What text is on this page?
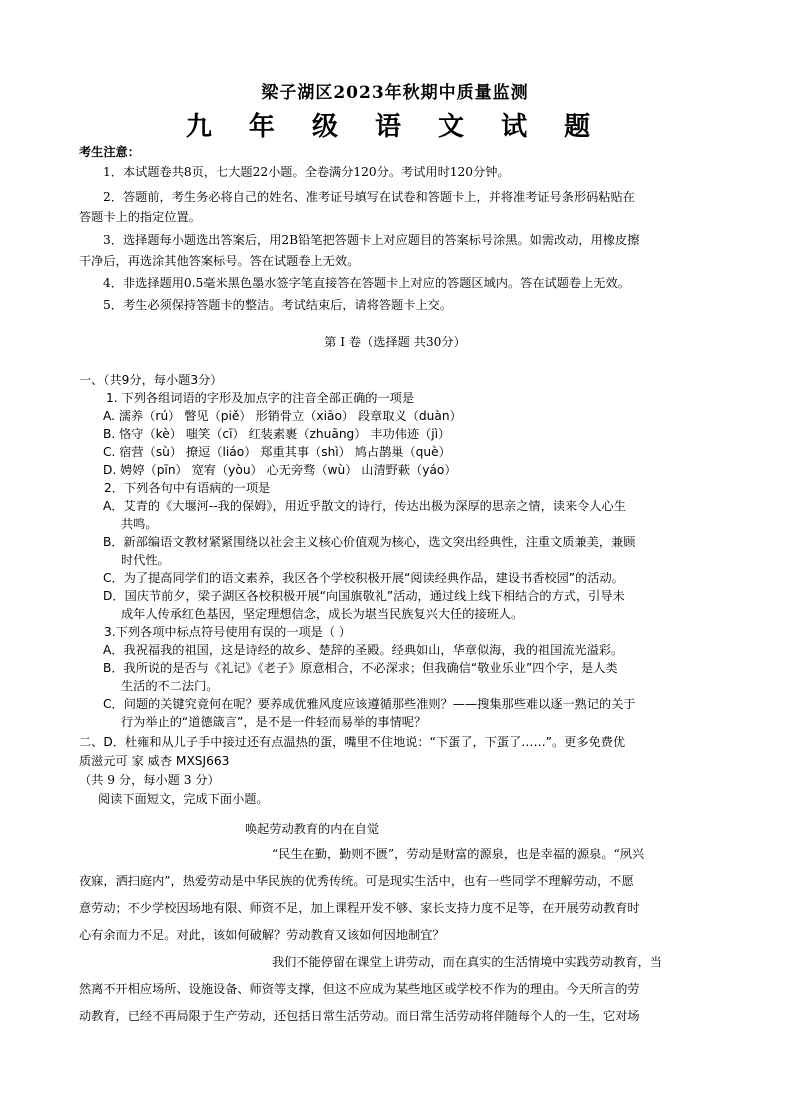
梁子湖区2023年秋期中质量监测
九 年 级 语 文 试 题
考生注意：
1．本试题卷共8页，七大题22小题。全卷满分120分。考试用时120分钟。
2．答题前，考生务必将自己的姓名、准考证号填写在试卷和答题卡上，并将准考证号条形码粘贴在
答题卡上的指定位置。
3．选择题每小题选出答案后，用2B铅笔把答题卡上对应题目的答案标号涂黑。如需改动，用橡皮擦
干净后，再选涂其他答案标号。答在试题卷上无效。
4．非选择题用0.5毫米黑色墨水签字笔直接答在答题卡上对应的答题区域内。答在试题卷上无效。
5．考生必须保持答题卡的整洁。考试结束后，请将答题卡上交。
第 I 卷（选择题 共30分）
一、（共9分，每小题3分）
1. 下列各组词语的字形及加点字的注音全部正确的一项是
A. 濡养（rú） 瞥见（piě） 形销骨立（xiāo） 段章取义（duàn）
B. 恪守（kè） 嗤笑（cī） 红装素裹（zhuāng） 丰功伟迹（jì）
C. 宿营（sù） 撩逗（liáo） 郑重其事（shì） 鸠占鹊巢（què）
D. 娉婷（pīn） 宽宥（yòu） 心无旁骛（wù） 山清野蔌（yáo）
2．下列各句中有语病的一项是
A．艾青的《大堰河--我的保姆》，用近乎散文的诗行，传达出极为深厚的思亲之情，读来令人心生
共鸣。
B．新部编语文教材紧紧围绕以社会主义核心价值观为核心，选文突出经典性，注重文质兼美，兼顾
时代性。
C．为了提高同学们的语文素养，我区各个学校积极开展“阅读经典作品，建设书香校园”的活动。
D．国庆节前夕，梁子湖区各校积极开展“向国旗敬礼”活动，通过线上线下相结合的方式，引导未
成年人传承红色基因，坚定理想信念，成长为堪当民族复兴大任的接班人。
3.下列各项中标点符号使用有误的一项是（ ）
A．我祝福我的祖国，这是诗经的故乡、楚辞的圣殿。经典如山，华章似海，我的祖国流光溢彩。
B．我所说的是否与《礼记》《老子》原意相合，不必深求；但我确信“敬业乐业”四个字，是人类
生活的不二法门。
C．问题的关键究竟何在呢？要养成优雅风度应该遵循那些准则？——搜集那些难以逐一熟记的关于
行为举止的“道德箴言”，是不是一件轻而易举的事情呢？
二、D．杜雍和从儿子手中接过还有点温热的蛋，嘴里不住地说：“下蛋了，下蛋了……”。更多免费优
质滋元可 家 威杏 MXSJ663
（共 9 分，每小题 3 分）
阅读下面短文，完成下面小题。
唤起劳动教育的内在自觉
“民生在勤，勤则不匮”，劳动是财富的源泉，也是幸福的源泉。“夙兴
夜寐，洒扫庭内”，热爱劳动是中华民族的优秀传统。可是现实生活中，也有一些同学不理解劳动，不愿
意劳动；不少学校因场地有限、师资不足，加上课程开发不够、家长支持力度不足等，在开展劳动教育时
心有余而力不足。对此，该如何破解？劳动教育又该如何因地制宜？
我们不能停留在课堂上讲劳动，而在真实的生活情境中实践劳动教育，当
然离不开相应场所、设施设备、师资等支撑，但这不应成为某些地区或学校不作为的理由。今天所言的劳
动教育，已经不再局限于生产劳动，还包括日常生活劳动。而日常生活劳动将伴随每个人的一生，它对场
